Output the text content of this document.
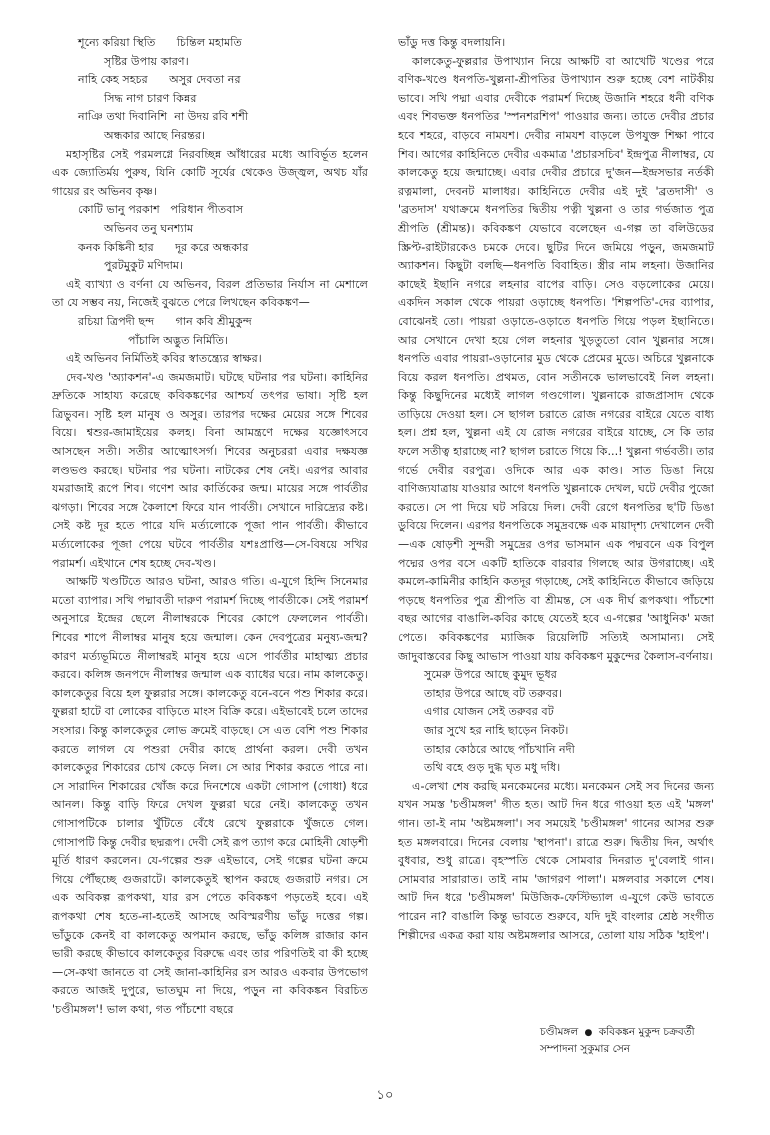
শূন্যে করিয়া স্থিতি      চিন্তিল মহামতি
সৃষ্টির উপায় কারণ।
নাহি কেহ সহচর      অসুর দেবতা নর
সিদ্ধ নাগ চারণ কিন্নর
নাঞি তথা দিবানিশি  না উদয় রবি শশী
অন্ধকার আছে নিরন্তর।

মহাসৃষ্টির সেই পরমলগ্নে নিরবচ্ছিন্ন আঁধারের মধ্যে আবির্ভূত হলেন এক জ্যোতির্ময় পুরুষ, যিনি কোটি সূর্যের থেকেও উজ্জ্বল, অথচ যাঁর গায়ের রং অভিনব কৃষ্ণ।

কোটি ভানু পরকাশ   পরিধান পীতবাস
অভিনব তনু ঘনশ্যাম
কনক কিঙ্কিনী হার      দূর করে অন্ধকার
পুরটমুকুট মণিদাম।

এই ব্যাখ্যা ও বর্ণনা যে অভিনব, বিরল প্রতিভার নির্যাস না মেশালে তা যে সম্ভব নয়, নিজেই বুঝতে পেরে লিখছেন কবিকঙ্কণ—

রচিয়া ত্রিপদী ছন্দ      গান কবি শ্রীমুকুন্দ
পাঁচালি অদ্ভুত নির্মিতি।

এই অভিনব নির্মিতিই কবির স্বাতন্ত্র্যের স্বাক্ষর।

দেব-খণ্ড 'অ্যাকশন'-এ জমজমাট। ঘটছে ঘটনার পর ঘটনা। কাহিনির দ্রুতিকে সাহায্য করেছে কবিকঙ্কণের আশ্চর্য তৎপর ভাষা। সৃষ্টি হল ত্রিভুবন। সৃষ্টি হল মানুষ ও অসুর। তারপর দক্ষের মেয়ের সঙ্গে শিবের বিয়ে। শ্বশুর-জামাইয়ের কলহ। বিনা আমন্ত্রণে দক্ষের যজ্ঞোৎসবে আসছেন সতী। সতীর আত্মোৎসর্গ। শিবের অনুচররা এবার দক্ষযজ্ঞ লণ্ডভণ্ড করছে। ঘটনার পর ঘটনা। নাটকের শেষ নেই। এরপর আবার যমরাজাই রূপে শিব। গণেশ আর কার্তিকের জন্ম। মায়ের সঙ্গে পার্বতীর ঝগড়া। শিবের সঙ্গে কৈলাশে ফিরে যান পার্বতী। সেখানে দারিদ্র্যের কষ্ট। সেই কষ্ট দূর হতে পারে যদি মর্ত্যলোকে পূজা পান পার্বতী। কীভাবে মর্ত্যলোকের পূজা পেয়ে ঘটবে পার্বতীর যশঃপ্রাপ্তি—সে-বিষয়ে সখির পরামর্শ। এইখানে শেষ হচ্ছে দেব-খণ্ড।

আক্ষটি খণ্ডটিতে আরও ঘটনা, আরও গতি। এ-যুগে হিন্দি সিনেমার মতো ব্যাপার। সখি পদ্মাবতী দারুণ পরামর্শ দিচ্ছে পার্বতীকে। সেই পরামর্শ অনুসারে ইন্দ্রের ছেলে নীলাম্বরকে শিবের কোপে ফেললেন পার্বতী। শিবের শাপে নীলাম্বর মানুষ হয়ে জন্মাল। কেন দেবপুত্রের মনুষ্য-জন্ম? কারণ মর্ত্যভূমিতে নীলাম্বরই মানুষ হয়ে এসে পার্বতীর মাহাত্ম্য প্রচার করবে। কলিঙ্গ জনপদে নীলাম্বর জন্মাল এক ব্যাধের ঘরে। নাম কালকেতু। কালকেতুর বিয়ে হল ফুল্লরার সঙ্গে। কালকেতু বনে-বনে পশু শিকার করে। ফুল্লরা হাটে বা লোকের বাড়িতে মাংস বিক্রি করে। এইভাবেই চলে তাদের সংসার। কিন্তু কালকেতুর লোভ ক্রমেই বাড়ছে। সে এত বেশি পশু শিকার করতে লাগল যে পশুরা দেবীর কাছে প্রার্থনা করল। দেবী তখন কালকেতুর শিকারের চোখ কেড়ে নিল। সে আর শিকার করতে পারে না। সে সারাদিন শিকারের খোঁজ করে দিনশেষে একটা গোসাপ (গোধা) ধরে আনল। কিন্তু বাড়ি ফিরে দেখল ফুল্লরা ঘরে নেই। কালকেতু তখন গোসাপটিকে চালার খুঁটিতে বেঁধে রেখে ফুল্লরাকে খুঁজতে গেল। গোসাপটি কিন্তু দেবীর ছদ্মরূপ। দেবী সেই রূপ ত্যাগ করে মোহিনী ষোড়শী মূর্তি ধারণ করলেন। যে-গল্পের শুরু এইভাবে, সেই গল্পের ঘটনা ক্রমে গিয়ে পৌঁছচ্ছে গুজরাটে। কালকেতুই স্থাপন করছে গুজরাট নগর। সে এক অবিকল্প রূপকথা, যার রস পেতে কবিকঙ্কণ পড়তেই হবে। এই রূপকথা শেষ হতে-না-হতেই আসছে অবিস্মরণীয় ভাঁডু দত্তের গল্প। ভাঁডুকে কেনই বা কালকেতু অপমান করছে, ভাঁডু কলিঙ্গ রাজার কান ভারী করছে কীভাবে কালকেতুর বিরুদ্ধে এবং তার পরিণতিই বা কী হচ্ছে—সে-কথা জানতে বা সেই জানা-কাহিনির রস আরও একবার উপভোগ করতে আজই দুপুরে, ভাতঘুম না দিয়ে, পড়ুন না কবিকঙ্কন বিরচিত 'চণ্ডীমঙ্গল'! ভাল কথা, গত পাঁচশো বছরে

ভাঁডু দত্ত কিন্তু বদলায়নি।

কালকেতু-ফুল্লরার উপাখ্যান নিয়ে আক্ষটি বা আখেটি খণ্ডের পরে বণিক-খণ্ডে ধনপতি-খুল্লনা-শ্রীপতির উপাখ্যান শুরু হচ্ছে বেশ নাটকীয় ভাবে। সখি পদ্মা এবার দেবীকে পরামর্শ দিচ্ছে উজানি শহরে ধনী বণিক এবং শিবভক্ত ধনপতির 'স্পনশরশিপ' পাওয়ার জন্য। তাতে দেবীর প্রচার হবে শহরে, বাড়বে নামযশ। দেবীর নামযশ বাড়লে উপযুক্ত শিক্ষা পাবে শিব। আগের কাহিনিতে দেবীর একমাত্র 'প্রচারসচিব' ইন্দ্রপুত্র নীলাম্বর, যে কালকেতু হয়ে জন্মাচ্ছে। এবার দেবীর প্রচারে দু'জন—ইন্দ্রসভার নর্তকী রত্নমালা, দেবনট মালাধর। কাহিনিতে দেবীর এই দুই 'ব্রতদাসী' ও 'ব্রতদাস' যথাক্রমে ধনপতির দ্বিতীয় পত্নী খুল্লনা ও তার গর্ভজাত পুত্র শ্রীপতি (শ্রীমন্ত)। কবিকঙ্কণ যেভাবে বলেছেন এ-গল্প তা বলিউডের স্ক্রিপ্ট-রাইটারকেও চমকে দেবে। ছুটির দিনে জমিয়ে পড়ুন, জমজমাট অ্যাকশন। কিছুটা বলছি—ধনপতি বিবাহিত। স্ত্রীর নাম লহনা। উজানির কাছেই ইছানি নগরে লহনার বাপের বাড়ি। সেও বড়লোকের মেয়ে। একদিন সকাল থেকে পায়রা ওড়াচ্ছে ধনপতি। 'শিল্পপতি'-দের ব্যাপার, বোঝেনই তো। পায়রা ওড়াতে-ওড়াতে ধনপতি গিয়ে পড়ল ইছানিতে। আর সেখানে দেখা হয়ে গেল লহনার খুড়তুতো বোন খুল্লনার সঙ্গে। ধনপতি এবার পায়রা-ওড়ানোর মুড থেকে প্রেমের মুডে। অচিরে খুল্লনাকে বিয়ে করল ধনপতি। প্রথমত, বোন সতীনকে ভালভাবেই নিল লহনা। কিন্তু কিছুদিনের মধ্যেই লাগল গণ্ডগোল। খুল্লনাকে রাজপ্রাসাদ থেকে তাড়িয়ে দেওয়া হল। সে ছাগল চরাতে রোজ নগরের বাইরে যেতে বাধ্য হল। প্রশ্ন হল, খুল্লনা এই যে রোজ নগরের বাইরে যাচ্ছে, সে কি তার ফলে সতীত্ব হারাচ্ছে না? ছাগল চরাতে গিয়ে কি...! খুল্লনা গর্ভবতী। তার গর্ভে দেবীর বরপুত্র। ওদিকে আর এক কাণ্ড। সাত ডিঙা নিয়ে বাণিজ্যযাত্রায় যাওয়ার আগে ধনপতি খুল্লনাকে দেখল, ঘটে দেবীর পুজো করতে। সে পা দিয়ে ঘট সরিয়ে দিল। দেবী রেগে ধনপতির ছ'টি ডিঙা ডুবিয়ে দিলেন। এরপর ধনপতিকে সমুদ্রবক্ষে এক মায়াদৃশ্য দেখালেন দেবী—এক ষোড়শী সুন্দরী সমুদ্রের ওপর ভাসমান এক পদ্মবনে এক বিপুল পদ্মের ওপর বসে একটি হাতিকে বারবার গিলছে আর উগরাচ্ছে। এই কমলে-কামিনীর কাহিনি কতদূর গড়াচ্ছে, সেই কাহিনিতে কীভাবে জড়িয়ে পড়ছে ধনপতির পুত্র শ্রীপতি বা শ্রীমন্ত, সে এক দীর্ঘ রূপকথা। পাঁচশো বছর আগের বাঙালি-কবির কাছে যেতেই হবে এ-গল্পের 'আধুনিক' মজা পেতে। কবিকঙ্কণের ম্যাজিক রিয়েলিটি সত্যিই অসামান্য। সেই জাদুবাস্তবের কিছু আভাস পাওয়া যায় কবিকঙ্কণ মুকুন্দের কৈলাস-বর্ণনায়।

সুমেরু উপরে আছে কুমুদ ভূধর
তাহার উপরে আছে বট তরুবর।
এগার যোজন সেই তরুবর বট
জার সুখে হর নাহি ছাড়েন নিকট।
তাহার কোঠরে আছে পাঁচখানি নদী
তথি বহে গুড় দুগ্ধ ঘৃত মধু দধি।

এ-লেখা শেষ করছি মনকেমনের মধ্যে। মনকেমন সেই সব দিনের জন্য যখন সমস্ত 'চণ্ডীমঙ্গল' গীত হত। আট দিন ধরে গাওয়া হত এই 'মঙ্গল' গান। তা-ই নাম 'অষ্টমঙ্গলা'। সব সময়েই 'চণ্ডীমঙ্গল' গানের আসর শুরু হত মঙ্গলবারে। দিনের বেলায় 'স্থাপনা'। রাত্রে শুরু। দ্বিতীয় দিন, অর্থাৎ বুধবার, শুধু রাত্রে। বৃহস্পতি থেকে সোমবার দিনরাত দু'বেলাই গান। সোমবার সারারাত। তাই নাম 'জাগরণ পালা'। মঙ্গলবার সকালে শেষ। আট দিন ধরে 'চণ্ডীমঙ্গল' মিউজিক-ফেস্টিভ্যাল এ-যুগে কেউ ভাবতে পারেন না? বাঙালি কিন্তু ভাবতে শুরুবে, যদি দুই বাংলার শ্রেষ্ঠ সংগীত শিল্পীদের একত্র করা যায় অষ্টমঙ্গলার আসরে, তোলা যায় সঠিক 'হাইপ'।

চণ্ডীমঙ্গল ● কবিকঙ্কন মুকুন্দ চক্রবর্তী
সম্পাদনা সুকুমার সেন
১০
